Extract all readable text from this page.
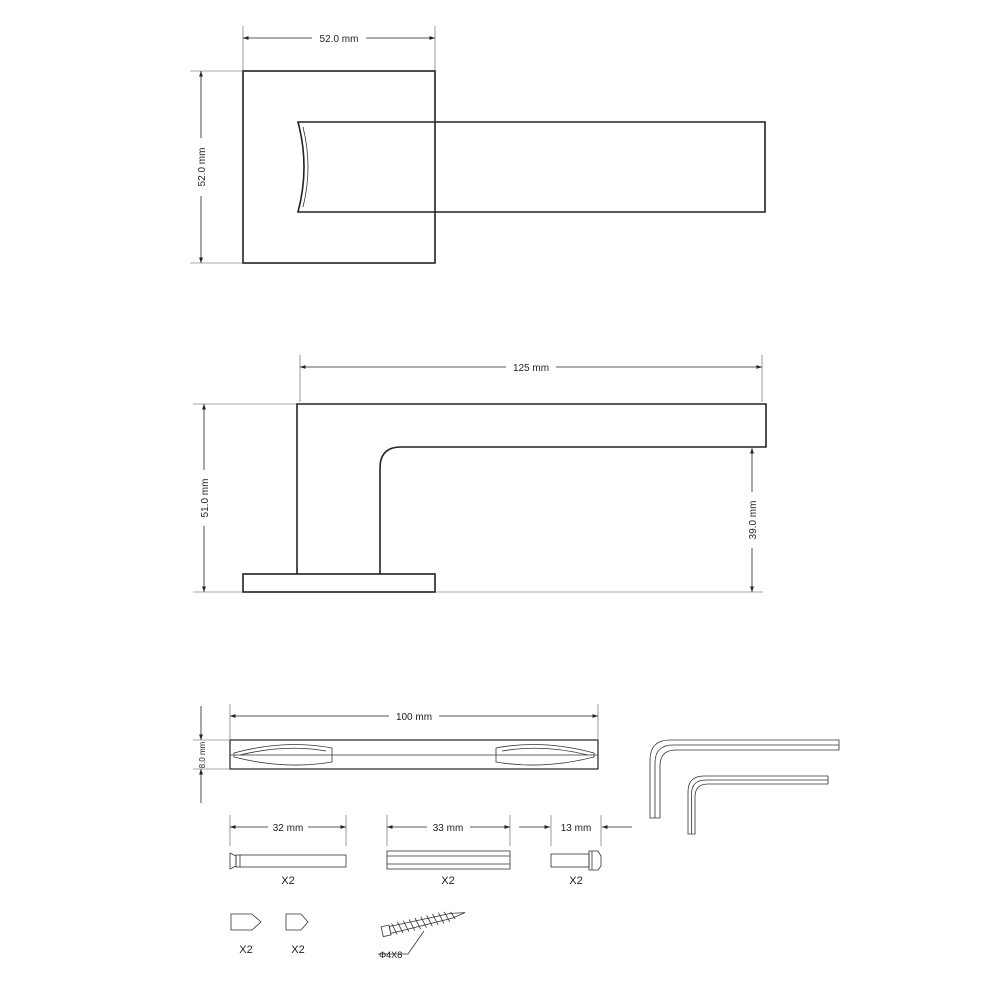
52.0 mm
52.0 mm
125 mm
51.0 mm
39.0 mm
100 mm
8.0 mm
32 mm
X2
33 mm
X2
13 mm
X2
X2	X2	Φ4X8
